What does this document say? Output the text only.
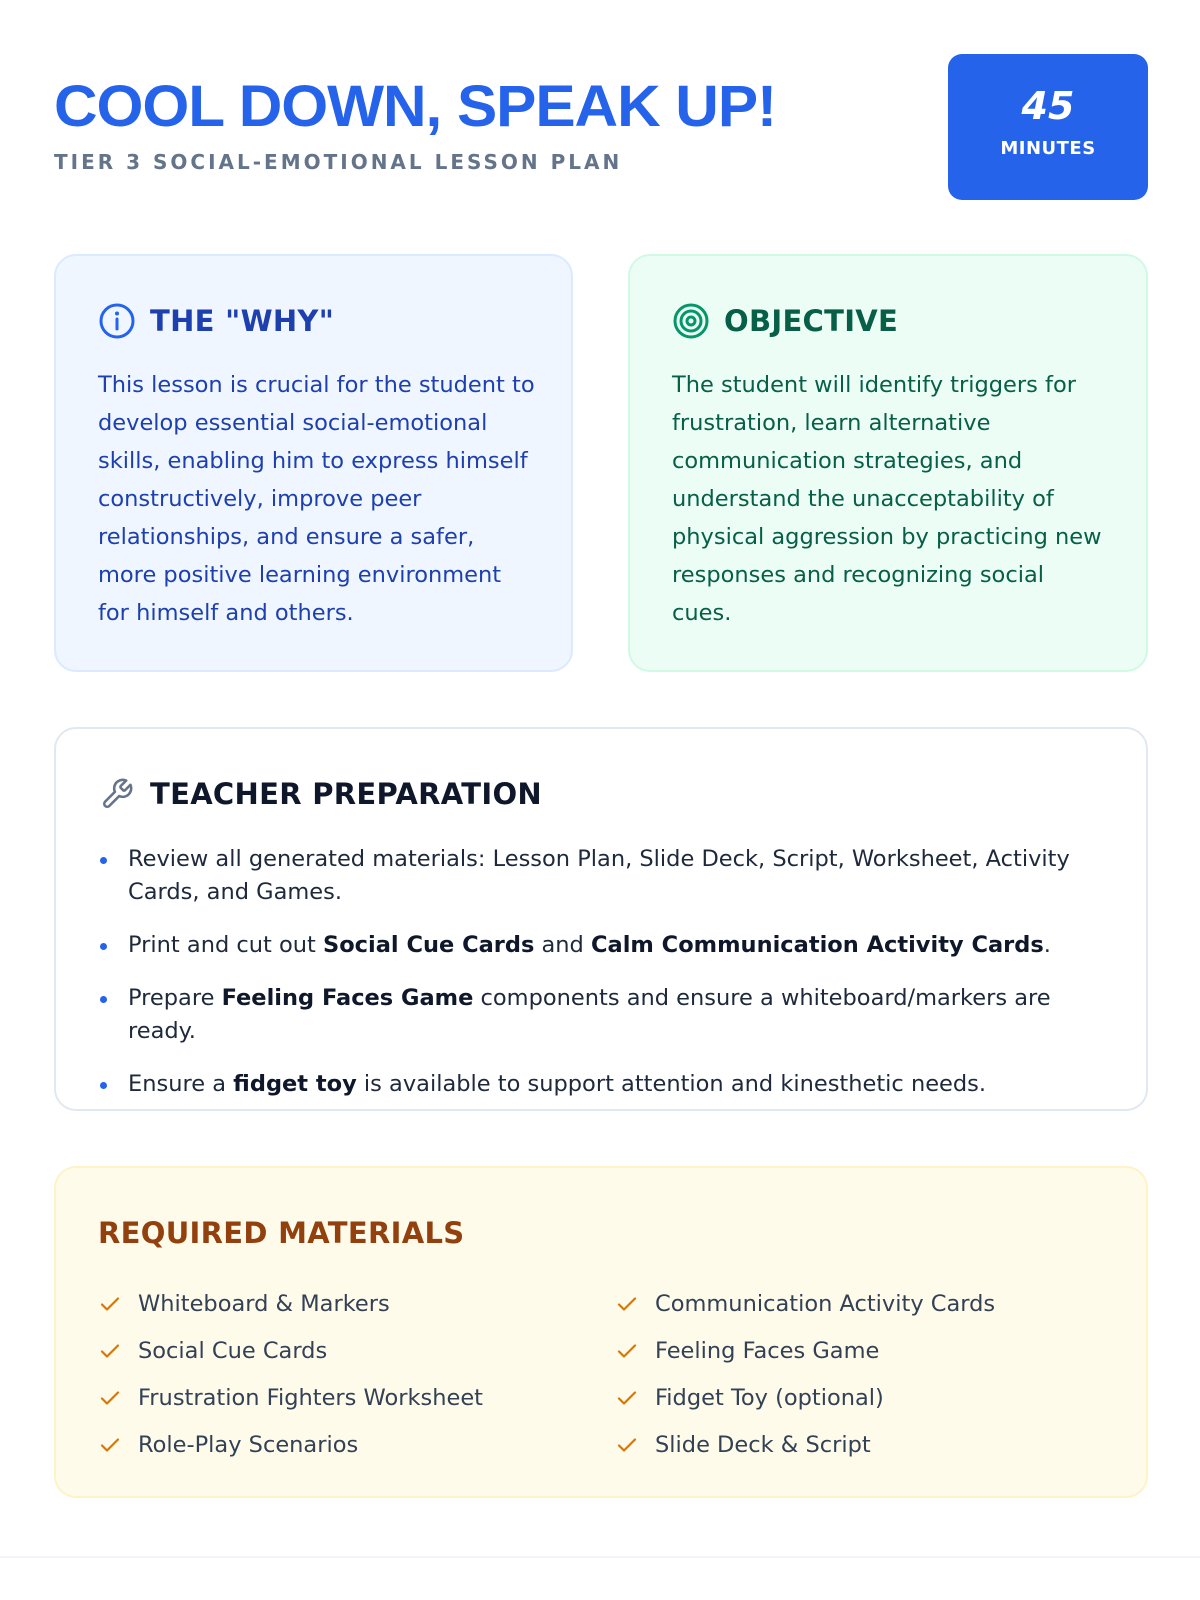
COOL DOWN, SPEAK UP!
TIER 3 SOCIAL-EMOTIONAL LESSON PLAN
45
MINUTES
THE "WHY"

This lesson is crucial for the student to develop essential social-emotional skills, enabling him to express himself constructively, improve peer relationships, and ensure a safer, more positive learning environment for himself and others.

OBJECTIVE

The student will identify triggers for frustration, learn alternative communication strategies, and understand the unacceptability of physical aggression by practicing new responses and recognizing social cues.

TEACHER PREPARATION
Review all generated materials: Lesson Plan, Slide Deck, Script, Worksheet, Activity Cards, and Games.
Print and cut out Social Cue Cards and Calm Communication Activity Cards.
Prepare Feeling Faces Game components and ensure a whiteboard/markers are ready.
Ensure a fidget toy is available to support attention and kinesthetic needs.
REQUIRED MATERIALS
Whiteboard & Markers	Communication Activity Cards
Social Cue Cards	Feeling Faces Game
Frustration Fighters Worksheet	Fidget Toy (optional)
Role-Play Scenarios	Slide Deck & Script
